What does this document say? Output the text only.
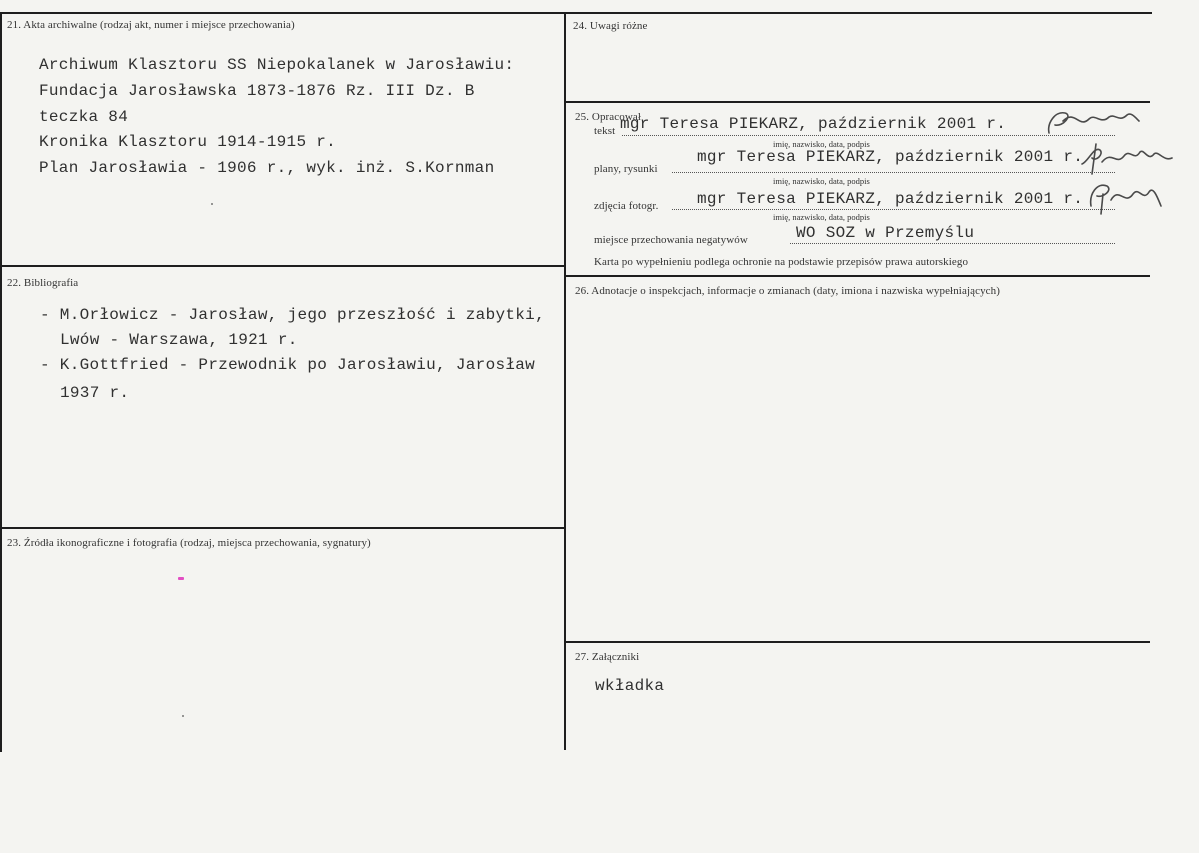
21. Akta archiwalne (rodzaj akt, numer i miejsce przechowania)
Archiwum Klasztoru SS Niepokalanek w Jarosławiu:
Fundacja Jarosławska 1873-1876 Rz. III Dz. B
teczka 84
Kronika Klasztoru 1914-1915 r.
Plan Jarosławia - 1906 r., wyk. inż. S.Kornman
22. Bibliografia
- M.Orłowicz - Jarosław, jego przeszłość i zabytki,
Lwów - Warszawa, 1921 r.
- K.Gottfried - Przewodnik po Jarosławiu, Jarosław
1937 r.
23. Źródła ikonograficzne i fotografia (rodzaj, miejsca przechowania, sygnatury)
24. Uwagi różne
25. Opracował
tekst mgr Teresa PIEKARZ, październik 2001 r.
imię, nazwisko, data, podpis
plany, rysunki
mgr Teresa PIEKARZ, październik 2001 r.
imię, nazwisko, data, podpis
zdjęcia fotogr. mgr Teresa PIEKARZ, październik 2001 r.
imię, nazwisko, data, podpis
miejsce przechowania negatywów	WO SOZ w Przemyślu
Karta po wypełnieniu podlega ochronie na podstawie przepisów prawa autorskiego
26. Adnotacje o inspekcjach, informacje o zmianach (daty, imiona i nazwiska wypełniających)
27. Załączniki
wkładka
